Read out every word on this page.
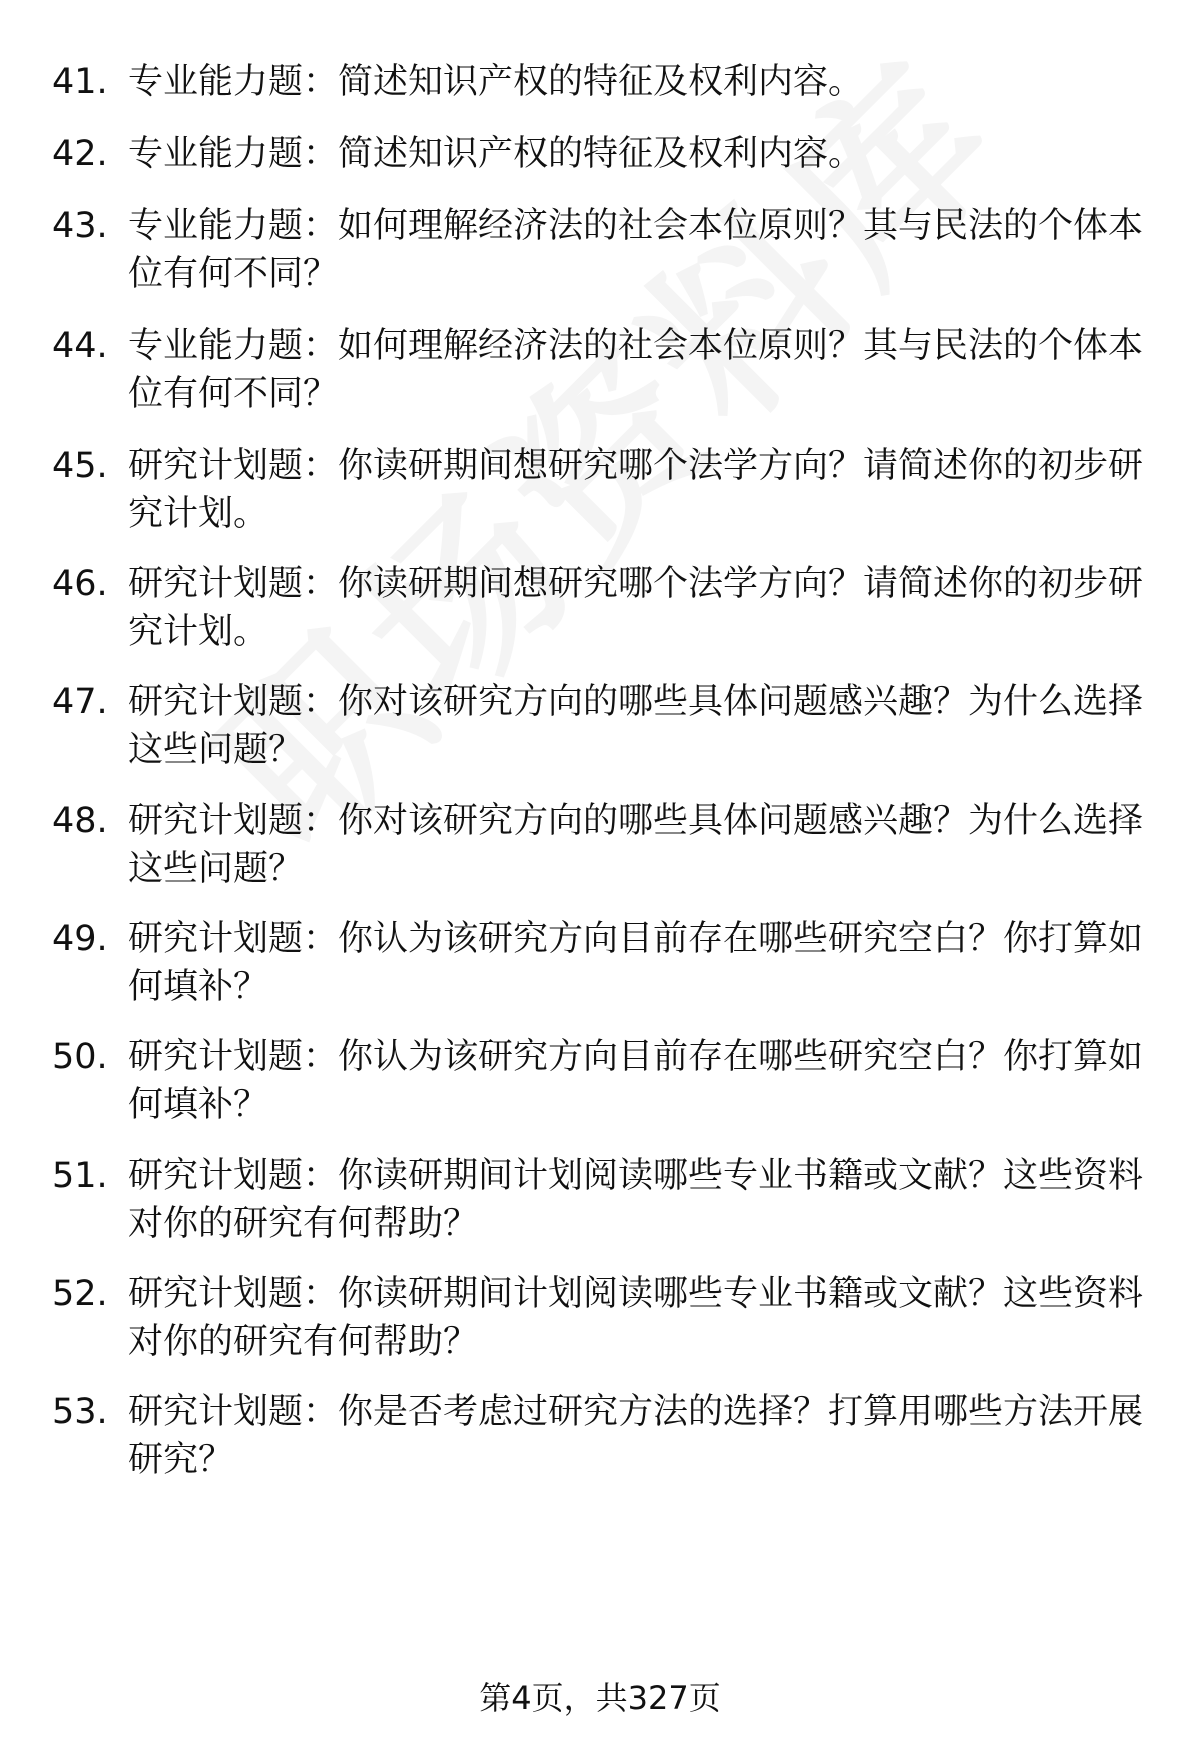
41. 专业能力题：简述知识产权的特征及权利内容。
42. 专业能力题：简述知识产权的特征及权利内容。
43. 专业能力题：如何理解经济法的社会本位原则？其与民法的个体本位有何不同？
44. 专业能力题：如何理解经济法的社会本位原则？其与民法的个体本位有何不同？
45. 研究计划题：你读研期间想研究哪个法学方向？请简述你的初步研究计划。
46. 研究计划题：你读研期间想研究哪个法学方向？请简述你的初步研究计划。
47. 研究计划题：你对该研究方向的哪些具体问题感兴趣？为什么选择这些问题？
48. 研究计划题：你对该研究方向的哪些具体问题感兴趣？为什么选择这些问题？
49. 研究计划题：你认为该研究方向目前存在哪些研究空白？你打算如何填补？
50. 研究计划题：你认为该研究方向目前存在哪些研究空白？你打算如何填补？
51. 研究计划题：你读研期间计划阅读哪些专业书籍或文献？这些资料对你的研究有何帮助？
52. 研究计划题：你读研期间计划阅读哪些专业书籍或文献？这些资料对你的研究有何帮助？
53. 研究计划题：你是否考虑过研究方法的选择？打算用哪些方法开展研究？
第4页，共327页
